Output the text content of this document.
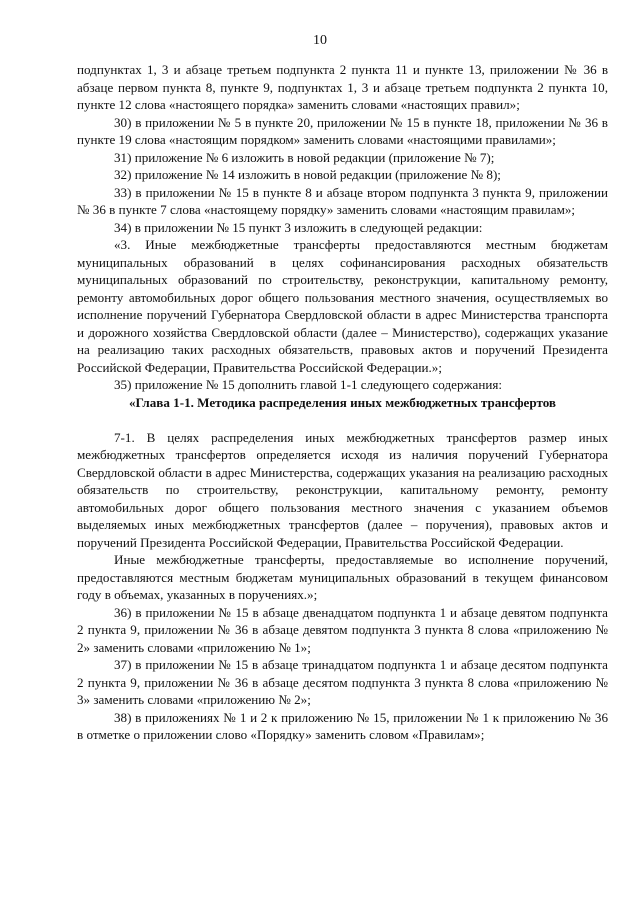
10

подпунктах 1, 3 и абзаце третьем подпункта 2 пункта 11 и пункте 13, приложении № 36 в абзаце первом пункта 8, пункте 9, подпунктах 1, 3 и абзаце третьем подпункта 2 пункта 10, пункте 12 слова «настоящего порядка» заменить словами «настоящих правил»;

30) в приложении № 5 в пункте 20, приложении № 15 в пункте 18, приложении № 36 в пункте 19 слова «настоящим порядком» заменить словами «настоящими правилами»;

31) приложение № 6 изложить в новой редакции (приложение № 7);

32) приложение № 14 изложить в новой редакции (приложение № 8);

33) в приложении № 15 в пункте 8 и абзаце втором подпункта 3 пункта 9, приложении № 36 в пункте 7 слова «настоящему порядку» заменить словами «настоящим правилам»;

34) в приложении № 15 пункт 3 изложить в следующей редакции:

«3. Иные межбюджетные трансферты предоставляются местным бюджетам муниципальных образований в целях софинансирования расходных обязательств муниципальных образований по строительству, реконструкции, капитальному ремонту, ремонту автомобильных дорог общего пользования местного значения, осуществляемых во исполнение поручений Губернатора Свердловской области в адрес Министерства транспорта и дорожного хозяйства Свердловской области (далее – Министерство), содержащих указание на реализацию таких расходных обязательств, правовых актов и поручений Президента Российской Федерации, Правительства Российской Федерации.»;

35) приложение № 15 дополнить главой 1-1 следующего содержания:

«Глава 1-1. Методика распределения иных межбюджетных трансфертов

7-1. В целях распределения иных межбюджетных трансфертов размер иных межбюджетных трансфертов определяется исходя из наличия поручений Губернатора Свердловской области в адрес Министерства, содержащих указания на реализацию расходных обязательств по строительству, реконструкции, капитальному ремонту, ремонту автомобильных дорог общего пользования местного значения с указанием объемов выделяемых иных межбюджетных трансфертов (далее – поручения), правовых актов и поручений Президента Российской Федерации, Правительства Российской Федерации.

Иные межбюджетные трансферты, предоставляемые во исполнение поручений, предоставляются местным бюджетам муниципальных образований в текущем финансовом году в объемах, указанных в поручениях.»;

36) в приложении № 15 в абзаце двенадцатом подпункта 1 и абзаце девятом подпункта 2 пункта 9, приложении № 36 в абзаце девятом подпункта 3 пункта 8 слова «приложению № 2» заменить словами «приложению № 1»;

37) в приложении № 15 в абзаце тринадцатом подпункта 1 и абзаце десятом подпункта 2 пункта 9, приложении № 36 в абзаце десятом подпункта 3 пункта 8 слова «приложению № 3» заменить словами «приложению № 2»;

38) в приложениях № 1 и 2 к приложению № 15, приложении № 1 к приложению № 36 в отметке о приложении слово «Порядку» заменить словом «Правилам»;
